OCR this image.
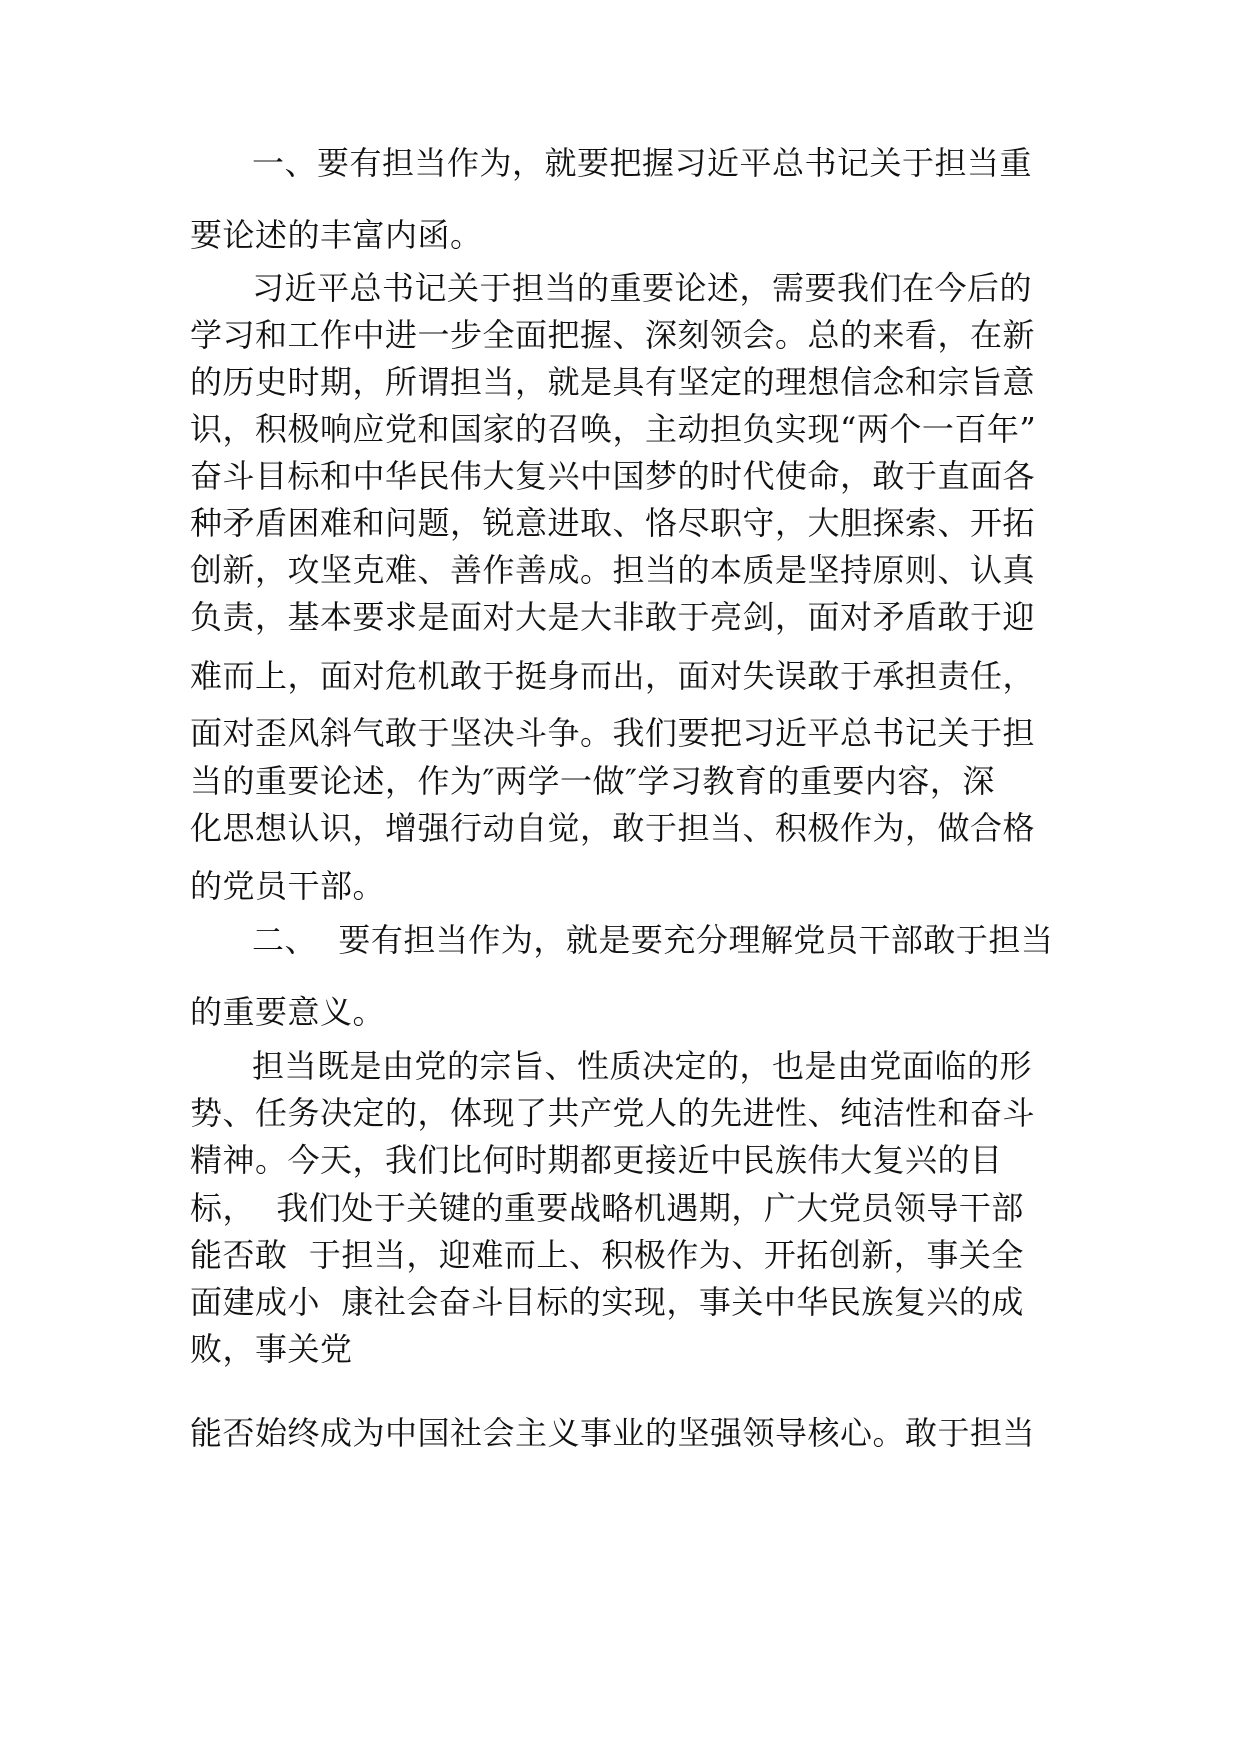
一、要有担当作为，就要把握习近平总书记关于担当重
要论述的丰富内函。
习近平总书记关于担当的重要论述，需要我们在今后的
学习和工作中进一步全面把握、深刻领会。总的来看，在新
的历史时期，所谓担当，就是具有坚定的理想信念和宗旨意
识，积极响应党和国家的召唤，主动担负实现“两个一百年”
奋斗目标和中华民伟大复兴中国梦的时代使命，敢于直面各
种矛盾困难和问题，锐意进取、恪尽职守，大胆探索、开拓
创新，攻坚克难、善作善成。担当的本质是坚持原则、认真
负责，基本要求是面对大是大非敢于亮剑，面对矛盾敢于迎
难而上，面对危机敢于挺身而出，面对失误敢于承担责任，
面对歪风斜气敢于坚决斗争。我们要把习近平总书记关于担
当的重要论述，作为″两学一做″学习教育的重要内容，深
化思想认识，增强行动自觉，敢于担当、积极作为，做合格
的党员干部。
二、  要有担当作为，就是要充分理解党员干部敢于担当
的重要意义。
担当既是由党的宗旨、性质决定的，也是由党面临的形
势、任务决定的，体现了共产党人的先进性、纯洁性和奋斗
精神。今天，我们比何时期都更接近中民族伟大复兴的目
标，  我们处于关键的重要战略机遇期，广大党员领导干部
能否敢  于担当，迎难而上、积极作为、开拓创新，事关全
面建成小  康社会奋斗目标的实现，事关中华民族复兴的成
败，事关党
能否始终成为中国社会主义事业的坚强领导核心。敢于担当
